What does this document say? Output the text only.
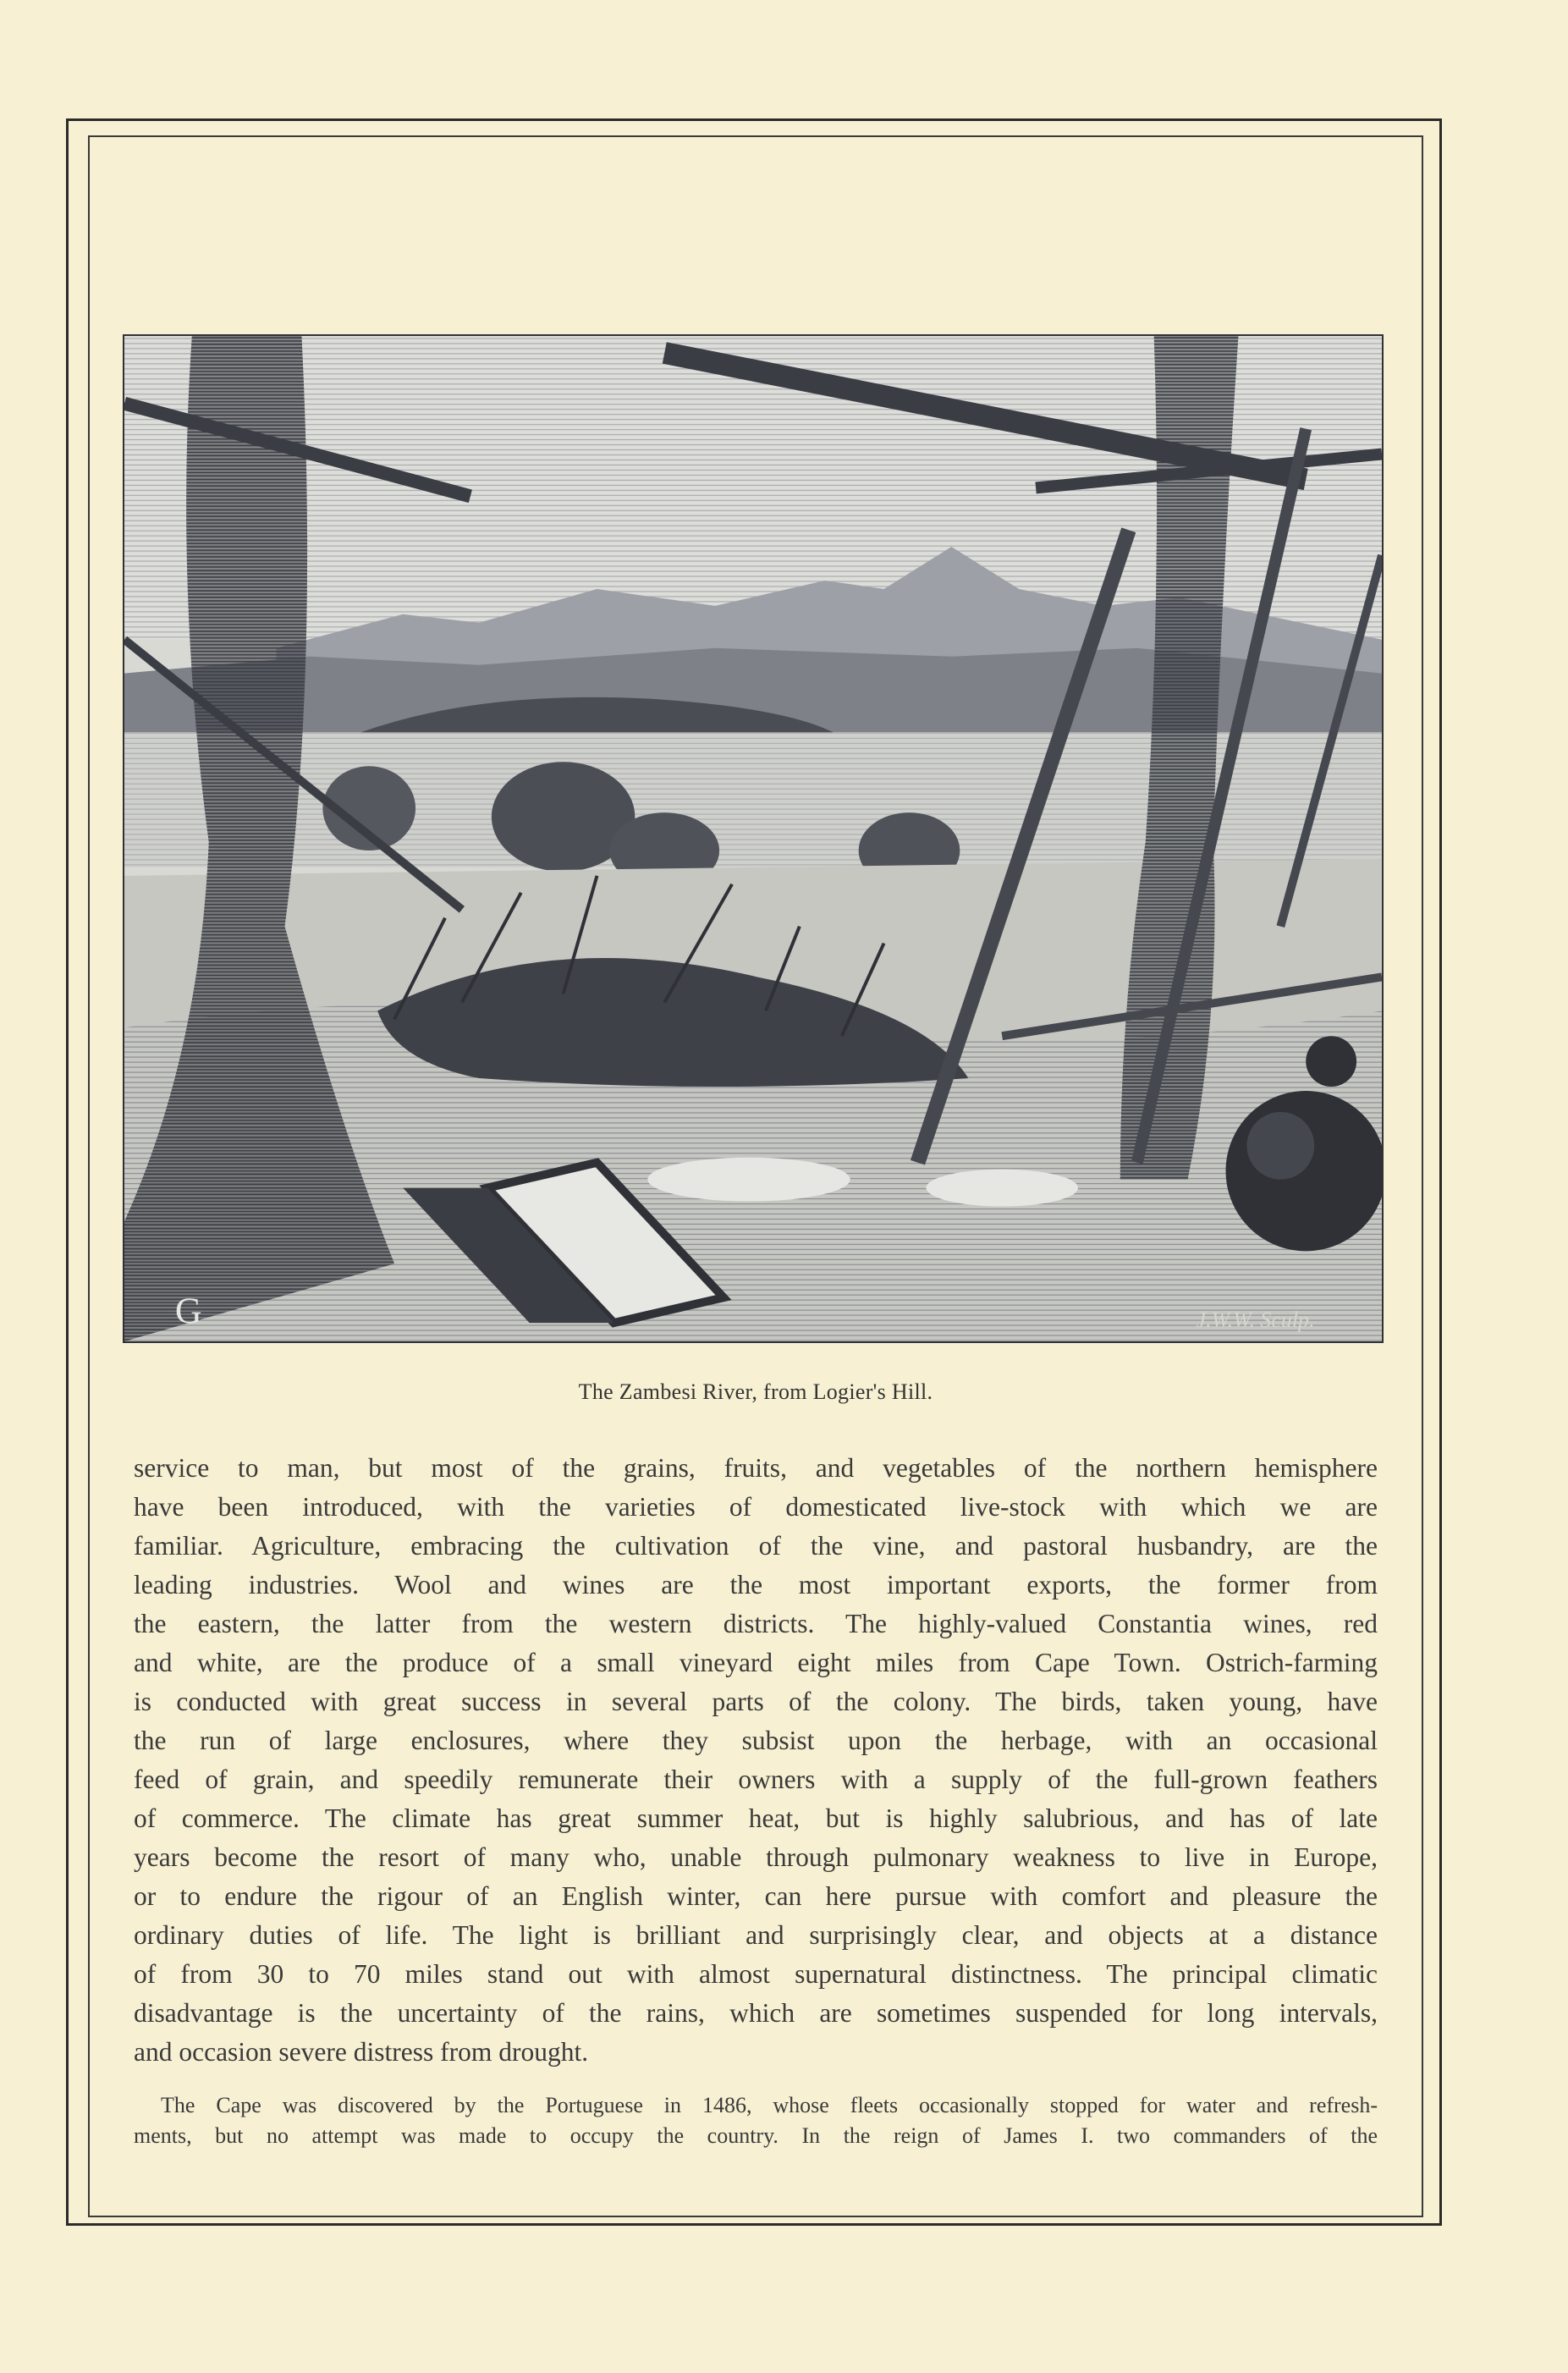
G	J.W.W. Sculp.
The Zambesi River, from Logier's Hill.
service to man, but most of the grains, fruits, and vegetables of the northern hemisphere
have been introduced, with the varieties of domesticated live-stock with which we are
familiar. Agriculture, embracing the cultivation of the vine, and pastoral husbandry, are the
leading industries. Wool and wines are the most important exports, the former from
the eastern, the latter from the western districts. The highly-valued Constantia wines, red
and white, are the produce of a small vineyard eight miles from Cape Town. Ostrich-farming
is conducted with great success in several parts of the colony. The birds, taken young, have
the run of large enclosures, where they subsist upon the herbage, with an occasional
feed of grain, and speedily remunerate their owners with a supply of the full-grown feathers
of commerce. The climate has great summer heat, but is highly salubrious, and has of late
years become the resort of many who, unable through pulmonary weakness to live in Europe,
or to endure the rigour of an English winter, can here pursue with comfort and pleasure the
ordinary duties of life. The light is brilliant and surprisingly clear, and objects at a distance
of from 30 to 70 miles stand out with almost supernatural distinctness. The principal climatic
disadvantage is the uncertainty of the rains, which are sometimes suspended for long intervals,
and occasion severe distress from drought.
The Cape was discovered by the Portuguese in 1486, whose fleets occasionally stopped for water and refresh-
ments, but no attempt was made to occupy the country. In the reign of James I. two commanders of the
